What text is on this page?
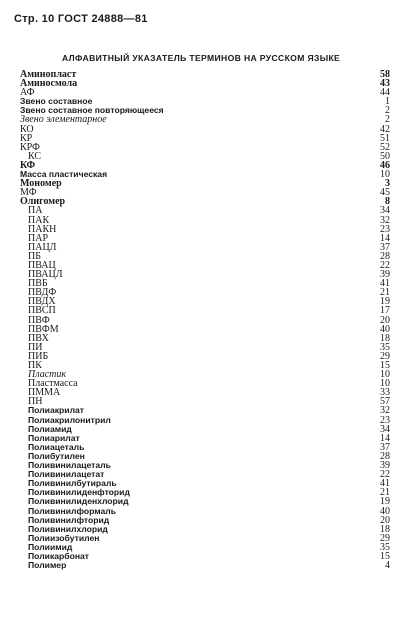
Стр. 10 ГОСТ 24888—81
АЛФАВИТНЫЙ УКАЗАТЕЛЬ ТЕРМИНОВ НА РУССКОМ ЯЗЫКЕ
Аминопласт	58
Аминосмола	43
АФ	44
Звено составное	1
Звено составное повторяющееся	2
Звено элементарное	2
КО	42
КР	51
КРФ	52
КС	50
КФ	46
Масса пластическая	10
Мономер	3
МФ	45
Олигомер	8
ПА	34
ПАК	32
ПАКН	23
ПАР	14
ПАЦЛ	37
ПБ	28
ПВАЦ	22
ПВАЦЛ	39
ПВБ	41
ПВДФ	21
ПВДХ	19
ПВСП	17
ПВФ	20
ПВФМ	40
ПВХ	18
ПИ	35
ПИБ	29
ПК	15
Пластик	10
Пластмасса	10
ПММА	33
ПН	57
Полиакрилат	32
Полиакрилонитрил	23
Полиамид	34
Полиарилат	14
Полиацеталь	37
Полибутилен	28
Поливинилацеталь	39
Поливинилацетат	22
Поливинилбутираль	41
Поливинилиденфторид	21
Поливинилиденхлорид	19
Поливинилформаль	40
Поливинилфторид	20
Поливинилхлорид	18
Полиизобутилен	29
Полиимид	35
Поликарбонат	15
Полимер	4
